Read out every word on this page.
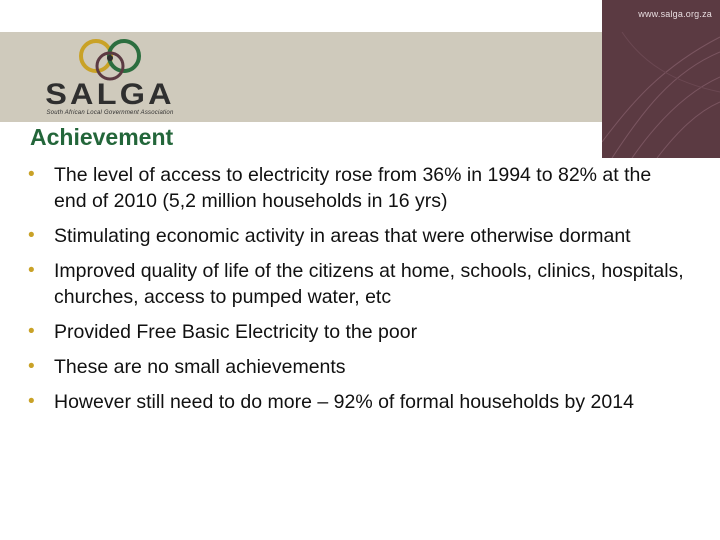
www.salga.org.za
SALGA
South African Local Government Association
Achievement
• The level of access to electricity rose from 36% in 1994 to 82% at the end of 2010 (5,2 million households in 16 yrs)
• Stimulating economic activity in areas that were otherwise dormant
• Improved quality of life of the citizens at home, schools, clinics, hospitals, churches, access to pumped water, etc
• Provided Free Basic Electricity to the poor
• These are no small achievements
• However still need to do more – 92% of formal households by 2014
